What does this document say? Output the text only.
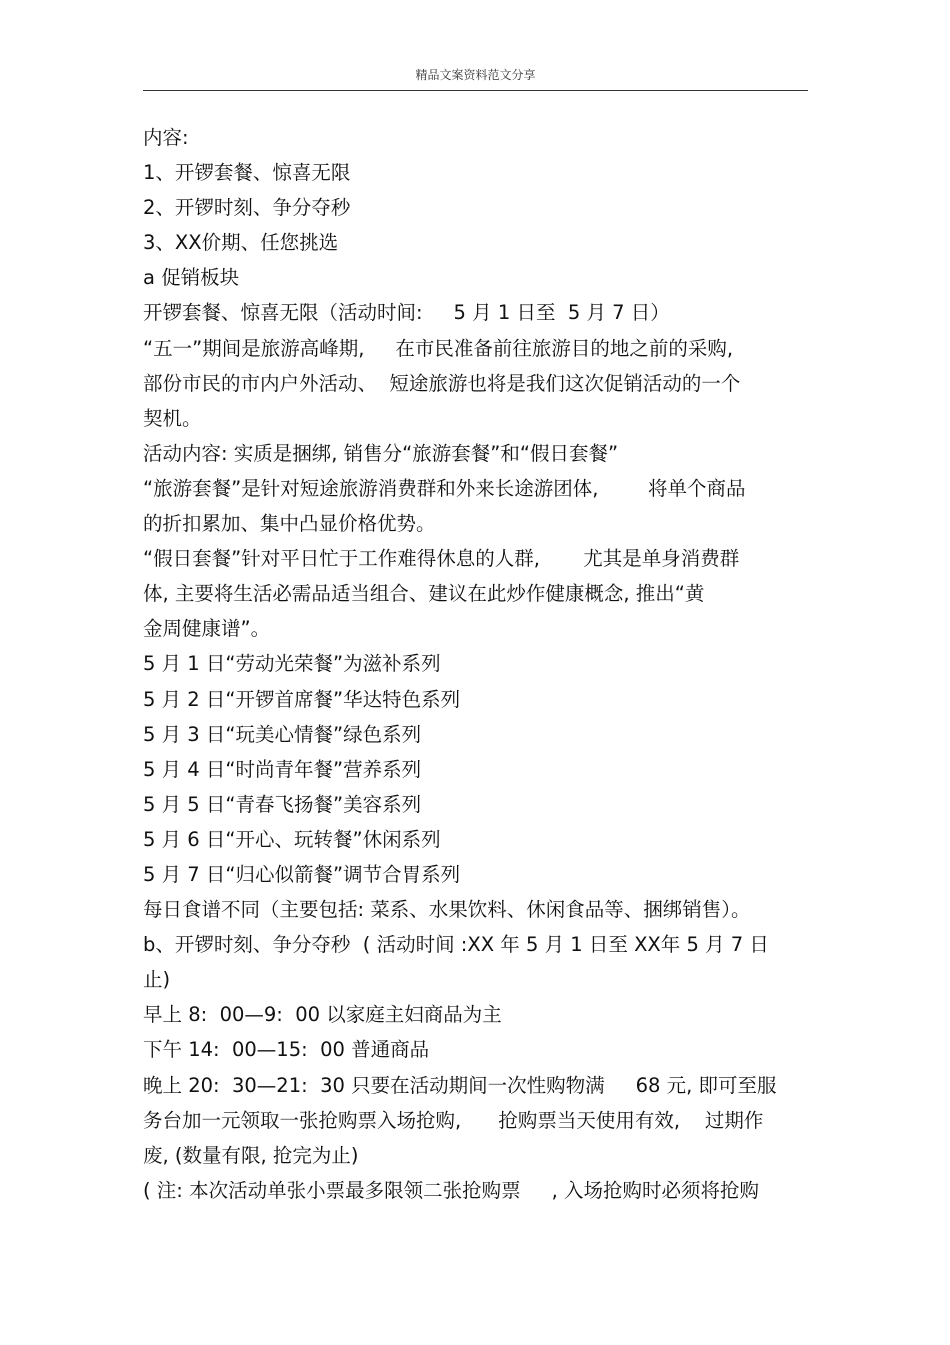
精品文案资料范文分享
内容:
1、开锣套餐、惊喜无限
2、开锣时刻、争分夺秒
3、XX价期、任您挑选
a 促销板块
开锣套餐、惊喜无限（活动时间:     5 月 1 日至  5 月 7 日）
“五一”期间是旅游高峰期,     在市民准备前往旅游目的地之前的采购,
部份市民的市内户外活动、  短途旅游也将是我们这次促销活动的一个
契机。
活动内容: 实质是捆绑, 销售分“旅游套餐”和“假日套餐”
“旅游套餐”是针对短途旅游消费群和外来长途游团体,        将单个商品
的折扣累加、集中凸显价格优势。
“假日套餐”针对平日忙于工作难得休息的人群,       尤其是单身消费群
体, 主要将生活必需品适当组合、建议在此炒作健康概念, 推出“黄
金周健康谱”。
5 月 1 日“劳动光荣餐”为滋补系列
5 月 2 日“开锣首席餐”华达特色系列
5 月 3 日“玩美心情餐”绿色系列
5 月 4 日“时尚青年餐”营养系列
5 月 5 日“青春飞扬餐”美容系列
5 月 6 日“开心、玩转餐”休闲系列
5 月 7 日“归心似箭餐”调节合胃系列
每日食谱不同（主要包括: 菜系、水果饮料、休闲食品等、捆绑销售）。
b、开锣时刻、争分夺秒  ( 活动时间 :XX 年 5 月 1 日至 XX年 5 月 7 日
止)
早上 8:  00—9:  00 以家庭主妇商品为主
下午 14:  00—15:  00 普通商品
晚上 20:  30—21:  30 只要在活动期间一次性购物满     68 元, 即可至服
务台加一元领取一张抢购票入场抢购,      抢购票当天使用有效,    过期作
废, (数量有限, 抢完为止)
( 注: 本次活动单张小票最多限领二张抢购票     , 入场抢购时必须将抢购
